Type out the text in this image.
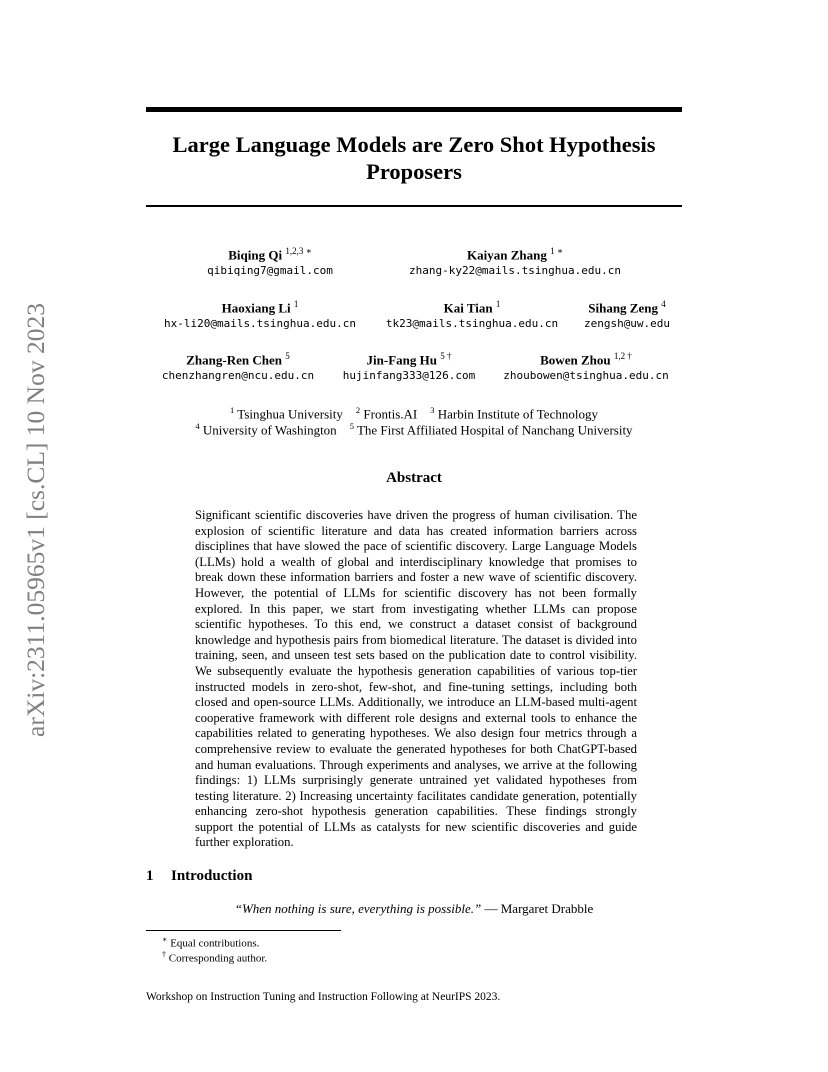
arXiv:2311.05965v1 [cs.CL] 10 Nov 2023
Large Language Models are Zero Shot Hypothesis
Proposers
Biqing Qi $^{1,2,3 ∗}$
qibiqing7@gmail.com
Kaiyan Zhang $^{1 ∗}$
zhang-ky22@mails.tsinghua.edu.cn
Haoxiang Li $^1$
hx-li20@mails.tsinghua.edu.cn
Kai Tian $^1$
tk23@mails.tsinghua.edu.cn
Sihang Zeng $^4$
zengsh@uw.edu
Zhang-Ren Chen $^5$
chenzhangren@ncu.edu.cn
Jin-Fang Hu $^{5 \dagger}$
hujinfang333@126.com
Bowen Zhou $^{1,2 \dagger}$
zhoubowen@tsinghua.edu.cn
$^1$ Tsinghua University $^2$ Frontis.AI $^3$ Harbin Institute of Technology
$^4$ University of Washington $^5$ The First Affiliated Hospital of Nanchang University
Abstract
Significant scientific discoveries have driven the progress of human civilisation. The explosion of scientific literature and data has created information barriers across disciplines that have slowed the pace of scientific discovery. Large Language Models (LLMs) hold a wealth of global and interdisciplinary knowledge that promises to break down these information barriers and foster a new wave of scientific discovery. However, the potential of LLMs for scientific discovery has not been formally explored. In this paper, we start from investigating whether LLMs can propose scientific hypotheses. To this end, we construct a dataset consist of background knowledge and hypothesis pairs from biomedical literature. The dataset is divided into training, seen, and unseen test sets based on the publication date to control visibility. We subsequently evaluate the hypothesis generation capabilities of various top-tier instructed models in zero-shot, few-shot, and fine-tuning settings, including both closed and open-source LLMs. Additionally, we introduce an LLM-based multi-agent cooperative framework with different role designs and external tools to enhance the capabilities related to generating hypotheses. We also design four metrics through a comprehensive review to evaluate the generated hypotheses for both ChatGPT-based and human evaluations. Through experiments and analyses, we arrive at the following findings: 1) LLMs surprisingly generate untrained yet validated hypotheses from testing literature. 2) Increasing uncertainty facilitates candidate generation, potentially enhancing zero-shot hypothesis generation capabilities. These findings strongly support the potential of LLMs as catalysts for new scientific discoveries and guide further exploration.
1 Introduction
“When nothing is sure, everything is possible.” — Margaret Drabble
∗ Equal contributions.
† Corresponding author.
Workshop on Instruction Tuning and Instruction Following at NeurIPS 2023.
